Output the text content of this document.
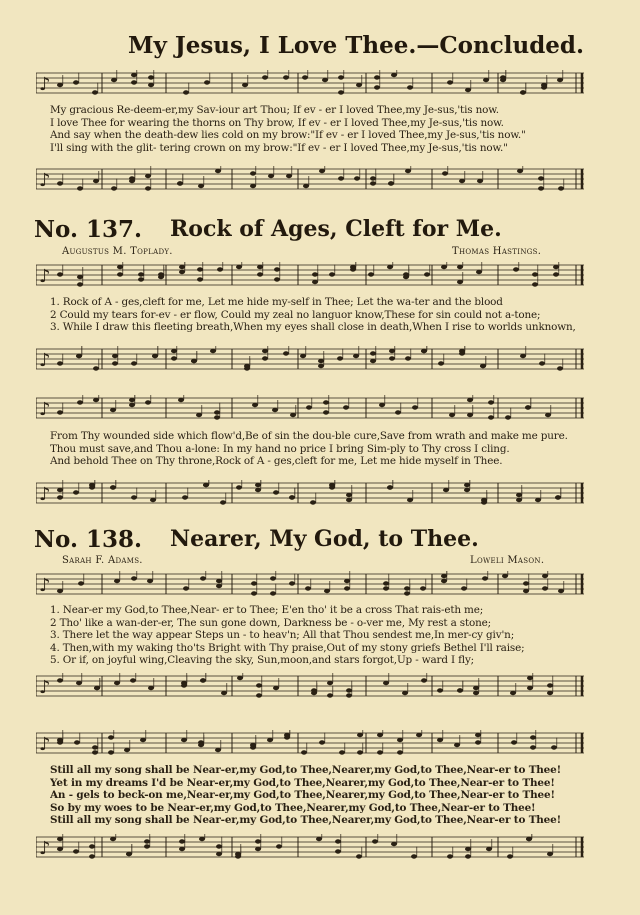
My Jesus, I Love Thee.—Concluded.
♪
My gracious Re-deem-er,my Sav-iour art Thou; If ev - er I loved Thee,my Je-sus,'tis now.
I love Thee for wearing the thorns on Thy brow, If ev - er I loved Thee,my Je-sus,'tis now.
And say when the death-dew lies cold on my brow:"If ev - er I loved Thee,my Je-sus,'tis now."
I'll sing with the glit- tering crown on my brow:"If ev - er I loved Thee,my Je-sus,'tis now."
♪
No. 137. Rock of Ages, Cleft for Me.
Augustus M. Toplady.	Thomas Hastings.
♪
1. Rock of A - ges,cleft for me, Let me hide my-self in Thee; Let the wa-ter and the blood
2 Could my tears for-ev - er flow, Could my zeal no languor know,These for sin could not a-tone;
3. While I draw this fleeting breath,When my eyes shall close in death,When I rise to worlds unknown,
♪
♪
From Thy wounded side which flow'd,Be of sin the dou-ble cure,Save from wrath and make me pure.
Thou must save,and Thou a-lone: In my hand no price I bring Sim-ply to Thy cross I cling.
And behold Thee on Thy throne,Rock of A - ges,cleft for me, Let me hide myself in Thee.
♪
No. 138. Nearer, My God, to Thee.
Sarah F. Adams.	Loweli Mason.
♪
1. Near-er my God,to Thee,Near- er to Thee; E'en tho' it be a cross That rais-eth me;
2 Tho' like a wan-der-er, The sun gone down, Darkness be - o-ver me, My rest a stone;
3. There let the way appear Steps un - to heav'n; All that Thou sendest me,In mer-cy giv'n;
4. Then,with my waking tho'ts Bright with Thy praise,Out of my stony griefs Bethel I'll raise;
5. Or if, on joyful wing,Cleaving the sky, Sun,moon,and stars forgot,Up - ward I fly;
♪
♪
Still all my song shall be Near-er,my God,to Thee,Nearer,my God,to Thee,Near-er to Thee!
Yet in my dreams I'd be Near-er,my God,to Thee,Nearer,my God,to Thee,Near-er to Thee!
An - gels to beck-on me,Near-er,my God,to Thee,Nearer,my God,to Thee,Near-er to Thee!
So by my woes to be Near-er,my God,to Thee,Nearer,my God,to Thee,Near-er to Thee!
Still all my song shall be Near-er,my God,to Thee,Nearer,my God,to Thee,Near-er to Thee!
♪
